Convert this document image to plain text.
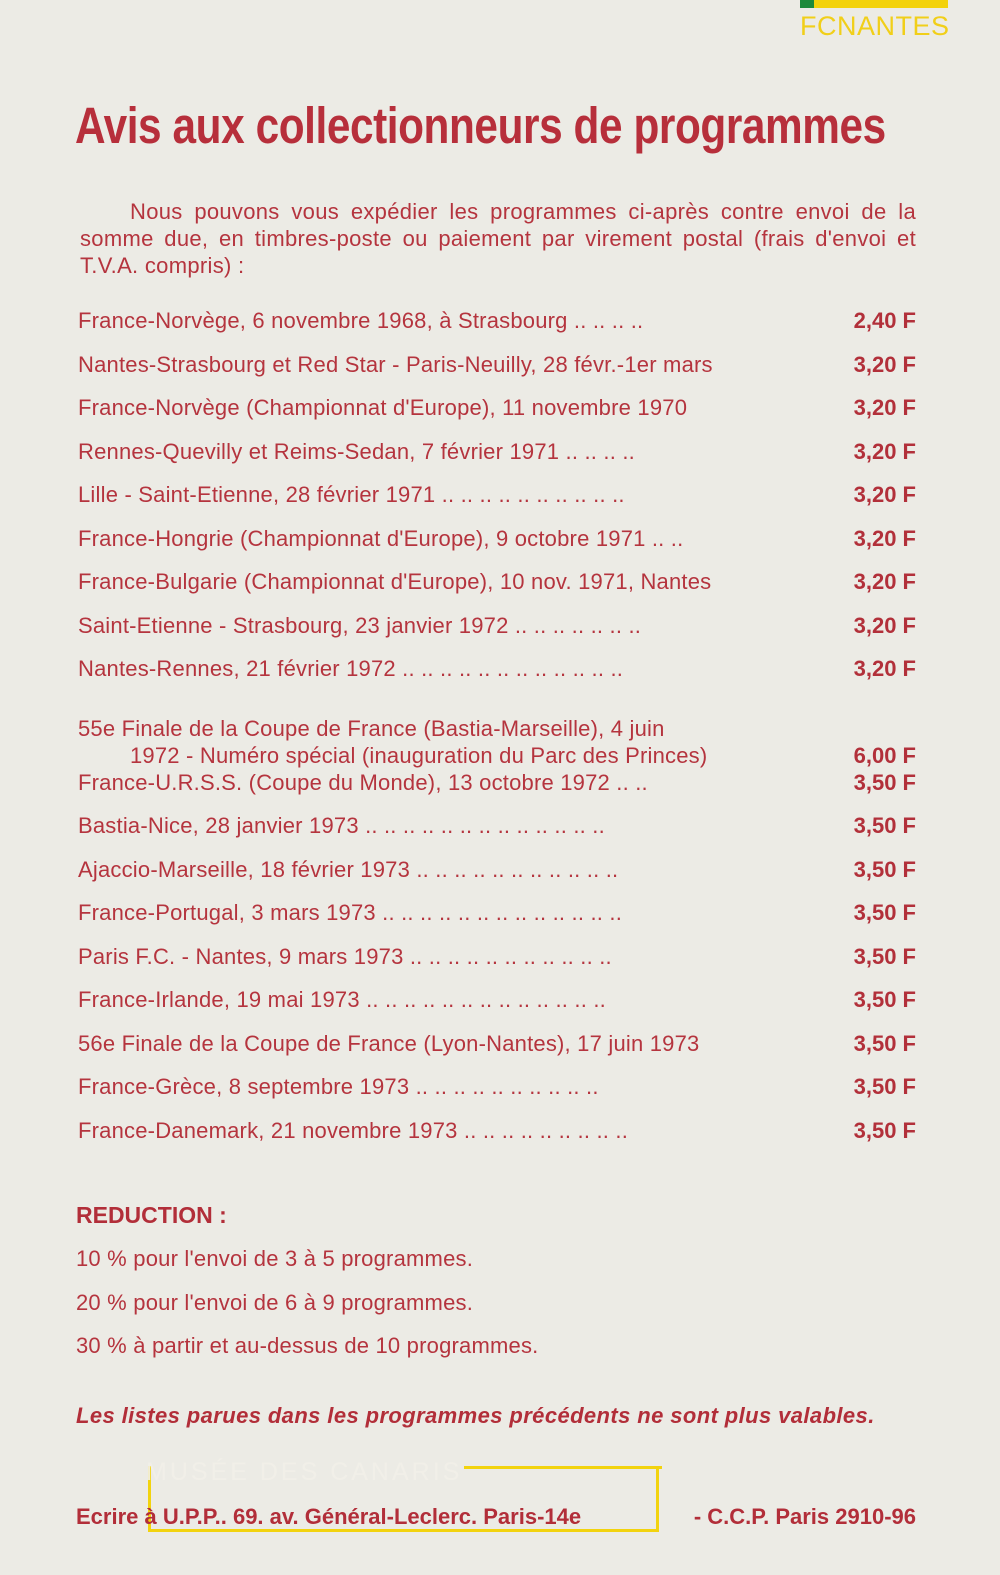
FCNANTES
Avis aux collectionneurs de programmes

Nous pouvons vous expédier les programmes ci-après contre envoi de la somme due, en timbres-poste ou paiement par virement postal (frais d'envoi et T.V.A. compris) :

France-Norvège, 6 novembre 1968, à Strasbourg .. .. .. ..	2,40 F
Nantes-Strasbourg et Red Star - Paris-Neuilly, 28 févr.-1er mars	3,20 F
France-Norvège (Championnat d'Europe), 11 novembre 1970	3,20 F
Rennes-Quevilly et Reims-Sedan, 7 février 1971 .. .. .. ..	3,20 F
Lille - Saint-Etienne, 28 février 1971 .. .. .. .. .. .. .. .. .. ..	3,20 F
France-Hongrie (Championnat d'Europe), 9 octobre 1971 .. ..	3,20 F
France-Bulgarie (Championnat d'Europe), 10 nov. 1971, Nantes	3,20 F
Saint-Etienne - Strasbourg, 23 janvier 1972 .. .. .. .. .. .. ..	3,20 F
Nantes-Rennes, 21 février 1972 .. .. .. .. .. .. .. .. .. .. .. ..	3,20 F
55e Finale de la Coupe de France (Bastia-Marseille), 4 juin
1972 - Numéro spécial (inauguration du Parc des Princes)	6,00 F
France-U.R.S.S. (Coupe du Monde), 13 octobre 1972 .. ..	3,50 F
Bastia-Nice, 28 janvier 1973 .. .. .. .. .. .. .. .. .. .. .. .. ..	3,50 F
Ajaccio-Marseille, 18 février 1973 .. .. .. .. .. .. .. .. .. .. ..	3,50 F
France-Portugal, 3 mars 1973 .. .. .. .. .. .. .. .. .. .. .. .. ..	3,50 F
Paris F.C. - Nantes, 9 mars 1973 .. .. .. .. .. .. .. .. .. .. ..	3,50 F
France-Irlande, 19 mai 1973 .. .. .. .. .. .. .. .. .. .. .. .. ..	3,50 F
56e Finale de la Coupe de France (Lyon-Nantes), 17 juin 1973	3,50 F
France-Grèce, 8 septembre 1973 .. .. .. .. .. .. .. .. .. ..	3,50 F
France-Danemark, 21 novembre 1973 .. .. .. .. .. .. .. .. ..	3,50 F
REDUCTION :
10 % pour l'envoi de 3 à 5 programmes.
20 % pour l'envoi de 6 à 9 programmes.
30 % à partir et au-dessus de 10 programmes.

Les listes parues dans les programmes précédents ne sont plus valables.

MUSÉE DES CANARIS

Ecrire à U.P.P.. 69. av. Général-Leclerc. Paris-14e	- C.C.P. Paris 2910-96
